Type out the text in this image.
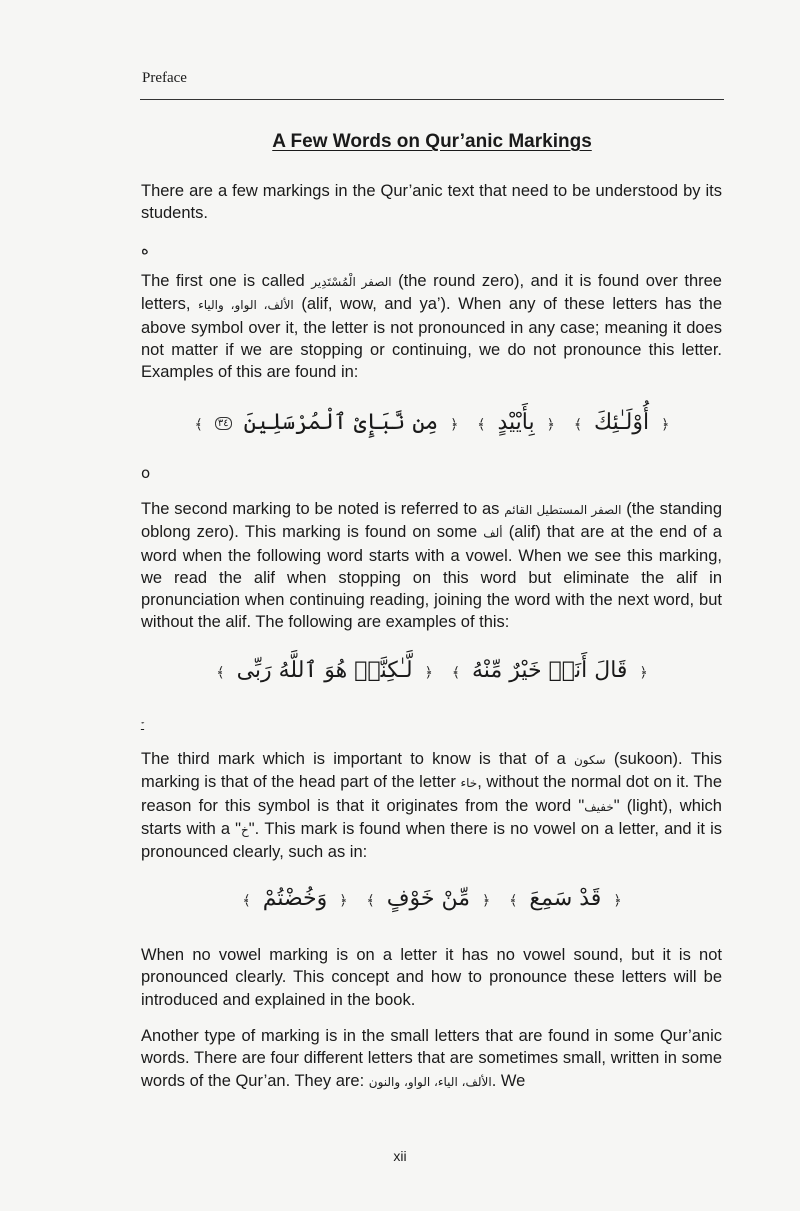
Preface
A Few Words on Qur’anic Markings

There are a few markings in the Qur’anic text that need to be understood by its students.

ە

The first one is called الصفر الْمُسْتَدِير (the round zero), and it is found over three letters, الألف، الواو، والياء (alif, wow, and ya’). When any of these letters has the above symbol over it, the letter is not pronounced in any case; meaning it does not matter if we are stopping or continuing, we do not pronounce this letter. Examples of this are found in:

﴿أُوْلَـٰئِكَ﴾ ﴿بِأَيْيْدٍ﴾ ﴿مِن نَّبَإِىْ ٱلْمُرْسَلِينَ٣٤﴾
o

The second marking to be noted is referred to as الصفر المستطيل القائم (the standing oblong zero). This marking is found on some ألف (alif) that are at the end of a word when the following word starts with a vowel. When we see this marking, we read the alif when stopping on this word but eliminate the alif in pronunciation when continuing reading, joining the word with the next word, but without the alif. The following are examples of this:

﴿قَالَ أَنَا۠ خَيْرٌ مِّنْهُ﴾ ﴿لَّـٰكِنَّا۠ هُوَ ٱللَّهُ رَبِّى﴾
ـۡ

The third mark which is important to know is that of a سكون (sukoon). This marking is that of the head part of the letter خاء, without the normal dot on it. The reason for this symbol is that it originates from the word "خفيف" (light), which starts with a "خ". This mark is found when there is no vowel on a letter, and it is pronounced clearly, such as in:

﴿قَدْ سَمِعَ﴾ ﴿مِّنْ خَوْفٍ﴾ ﴿وَخُضْتُمْ﴾

When no vowel marking is on a letter it has no vowel sound, but it is not pronounced clearly. This concept and how to pronounce these letters will be introduced and explained in the book.

Another type of marking is in the small letters that are found in some Qur’anic words. There are four different letters that are sometimes small, written in some words of the Qur’an. They are: الألف، الياء، الواو، والنون. We

xii
